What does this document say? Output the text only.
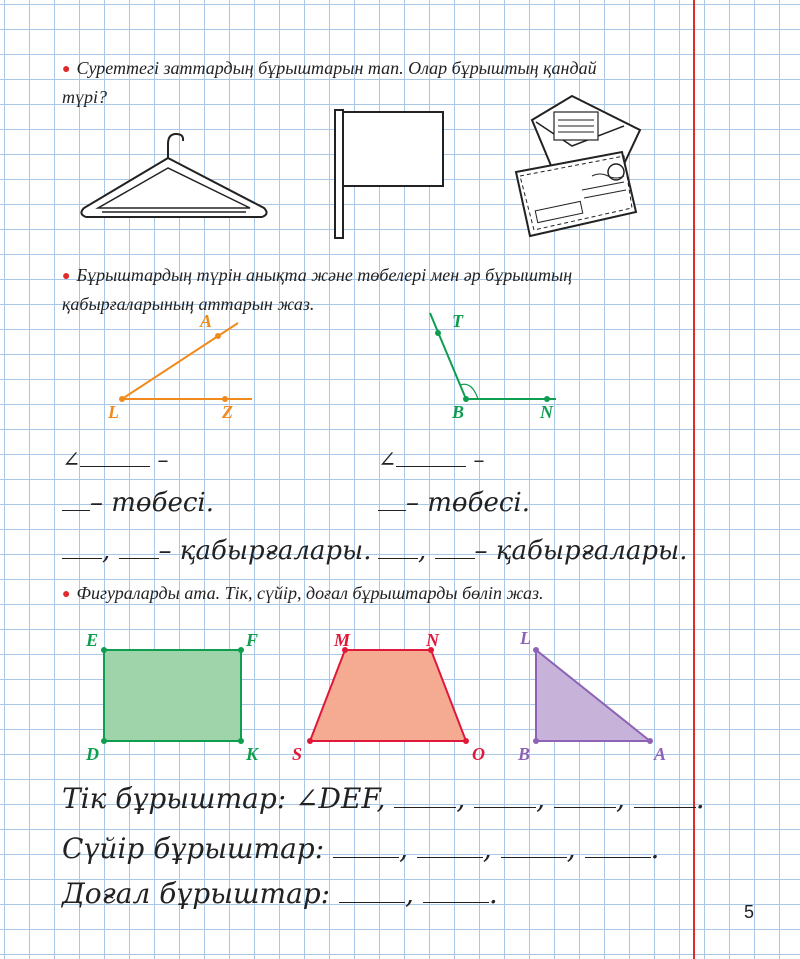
● Суреттегі заттардың бұрыштарын тап. Олар бұрыштың қандай түрі?
● Бұрыштардың түрін анықта және төбелері мен әр бұрыштың қабырғаларының аттарын жаз.
A
L	Z
T
B	N
∠	–
– төбесі.
, – қабырғалары.
∠	–
– төбесі.
, – қабырғалары.
● Фигураларды ата. Тік, сүйір, доғал бұрыштарды бөліп жаз.
E	F
D	K
M	N
S	O
L
B	A
Тік бұрыштар: ∠DEF,	, , , .
Сүйір бұрыштар:	, , , .
Доғал бұрыштар:	, .
5
